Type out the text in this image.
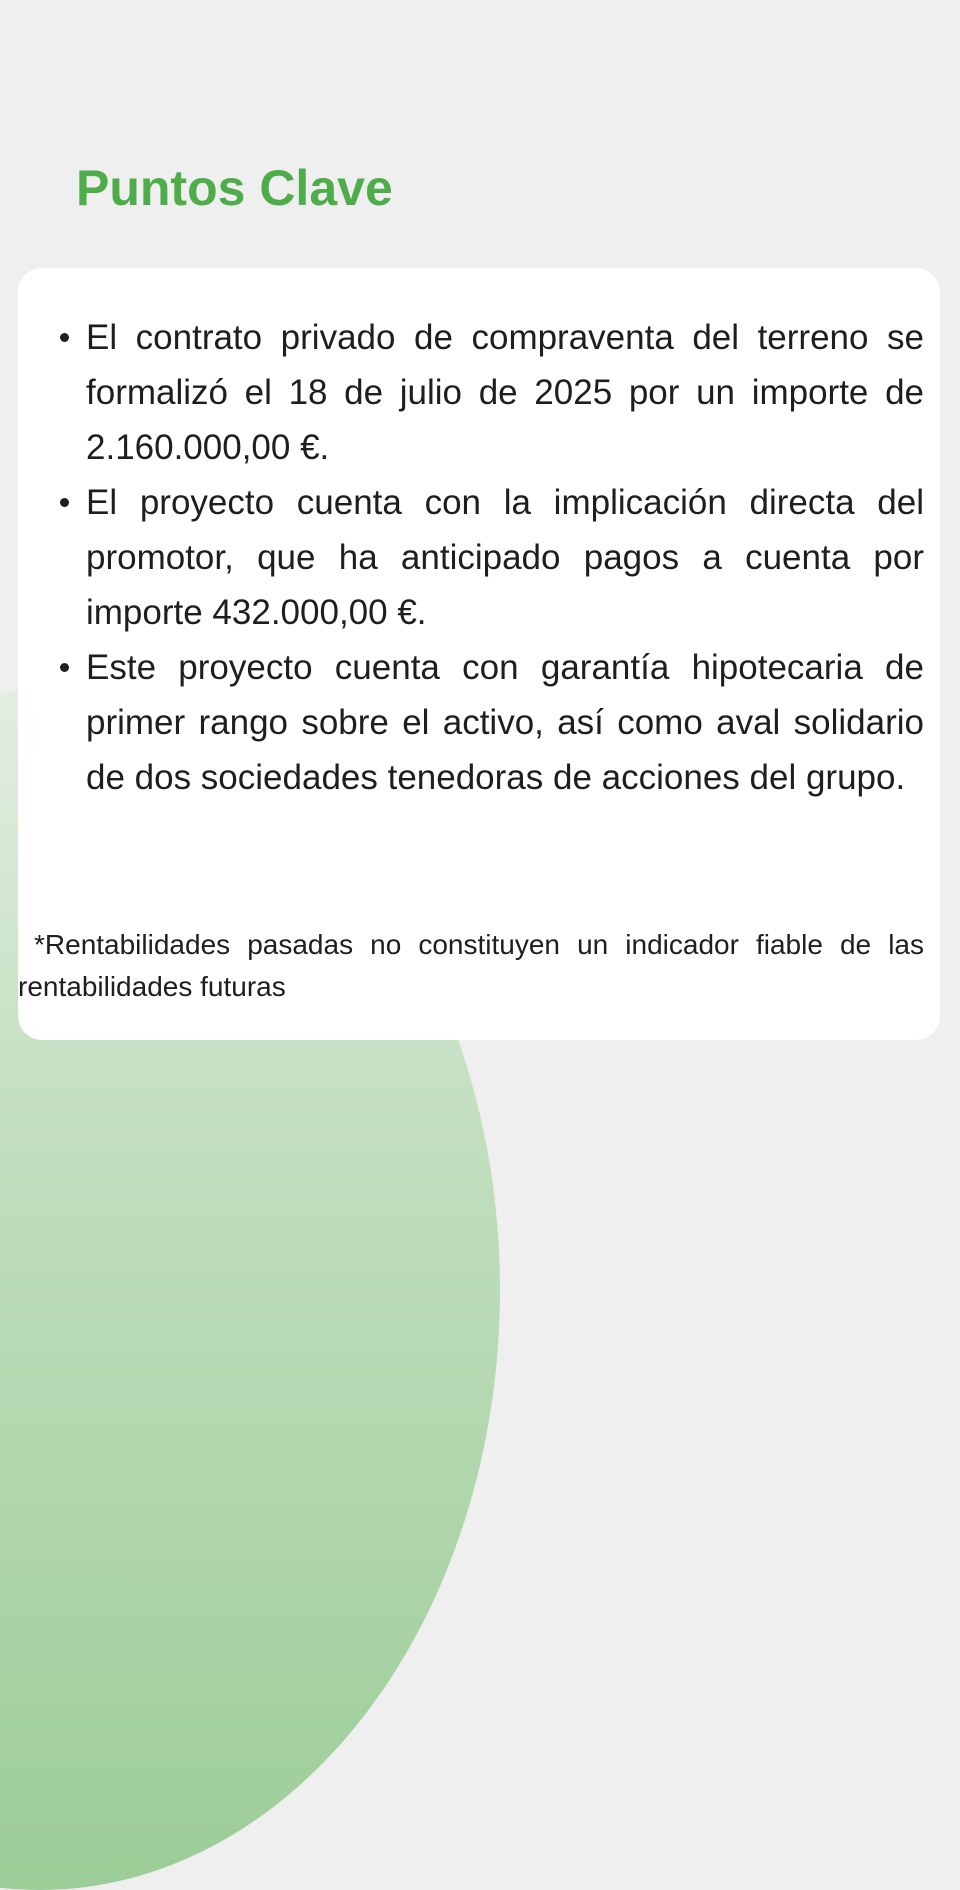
Puntos Clave
El contrato privado de compraventa del terreno se formalizó el 18 de julio de 2025 por un importe de 2.160.000,00 €.
El proyecto cuenta con la implicación directa del promotor, que ha anticipado pagos a cuenta por importe 432.000,00 €.
Este proyecto cuenta con garantía hipotecaria de primer rango sobre el activo, así como aval solidario de dos sociedades tenedoras de acciones del grupo.

*Rentabilidades pasadas no constituyen un indicador fiable de las rentabilidades futuras
